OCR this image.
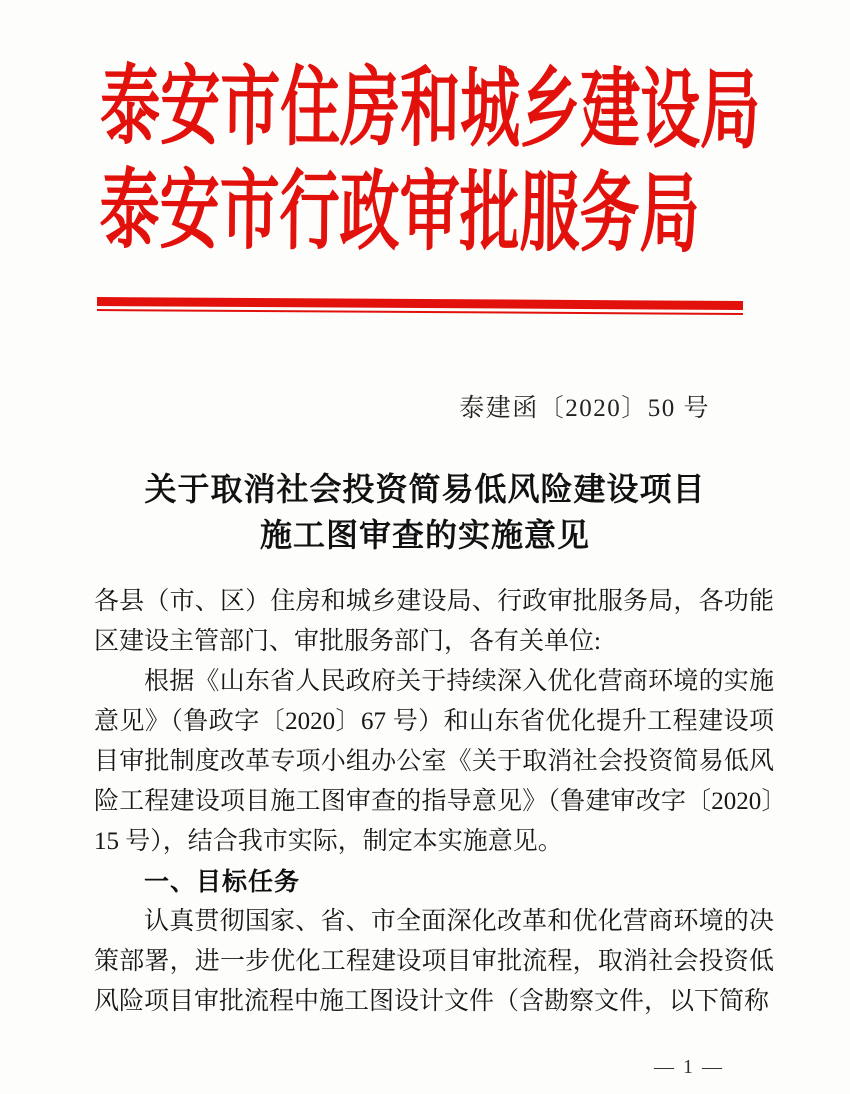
泰安市住房和城乡建设局
泰安市行政审批服务局
泰建函〔2020〕50 号
关于取消社会投资简易低风险建设项目
施工图审查的实施意见

各县（市、区）住房和城乡建设局、行政审批服务局，各功能区建设主管部门、审批服务部门，各有关单位:

根据《山东省人民政府关于持续深入优化营商环境的实施意见》（鲁政字〔2020〕67 号）和山东省优化提升工程建设项目审批制度改革专项小组办公室《关于取消社会投资简易低风险工程建设项目施工图审查的指导意见》（鲁建审改字〔2020〕15 号），结合我市实际，制定本实施意见。

一、目标任务

认真贯彻国家、省、市全面深化改革和优化营商环境的决策部署，进一步优化工程建设项目审批流程，取消社会投资低风险项目审批流程中施工图设计文件（含勘察文件，以下简称

— 1 —
